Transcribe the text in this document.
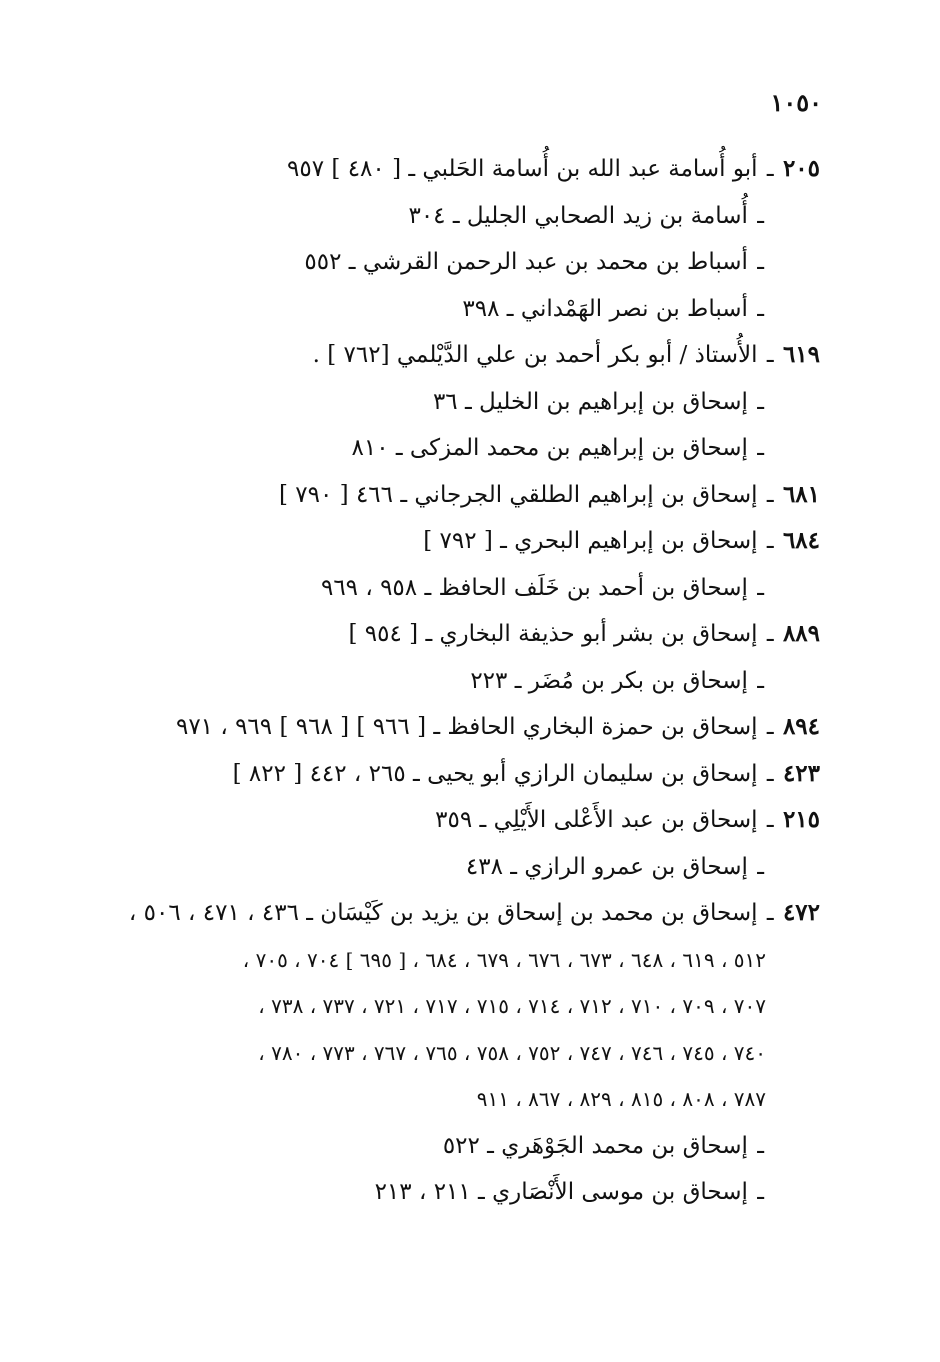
١٠٥٠
٢٠٥ ـ أبو أُسامة عبد الله بن أُسامة الحَلبي ـ [ ٤٨٠ ] ٩٥٧
ـ أُسامة بن زيد الصحابي الجليل ـ ٣٠٤
ـ أسباط بن محمد بن عبد الرحمن القرشي ـ ٥٥٢
ـ أسباط بن نصر الهَمْداني ـ ٣٩٨
٦١٩ ـ الأُستاذ / أبو بكر أحمد بن علي الدَّيْلمي [٧٦٢ ] .
ـ إسحاق بن إبراهيم بن الخليل ـ ٣٦
ـ إسحاق بن إبراهيم بن محمد المزكى ـ ٨١٠
٦٨١ ـ إسحاق بن إبراهيم الطلقي الجرجاني ـ ٤٦٦ [ ٧٩٠ ]
٦٨٤ ـ إسحاق بن إبراهيم البحري ـ [ ٧٩٢ ]
ـ إسحاق بن أحمد بن خَلَف الحافظ ـ ٩٥٨ ، ٩٦٩
٨٨٩ ـ إسحاق بن بشر أبو حذيفة البخاري ـ [ ٩٥٤ ]
ـ إسحاق بن بكر بن مُضَر ـ ٢٢٣
٨٩٤ ـ إسحاق بن حمزة البخاري الحافظ ـ [ ٩٦٦ ] [ ٩٦٨ ] ٩٦٩ ، ٩٧١
٤٢٣ ـ إسحاق بن سليمان الرازي أبو يحيى ـ ٢٦٥ ، ٤٤٢ [ ٨٢٢ ]
٢١٥ ـ إسحاق بن عبد الأَعْلى الأَيْلِي ـ ٣٥٩
ـ إسحاق بن عمرو الرازي ـ ٤٣٨
٤٧٢ ـ إسحاق بن محمد بن إسحاق بن يزيد بن كَيْسَان ـ ٤٣٦ ، ٤٧١ ، ٥٠٦ ،
٥١٢ ، ٦١٩ ، ٦٤٨ ، ٦٧٣ ، ٦٧٦ ، ٦٧٩ ، ٦٨٤ ، [ ٦٩٥ ] ٧٠٤ ، ٧٠٥ ،
٧٠٧ ، ٧٠٩ ، ٧١٠ ، ٧١٢ ، ٧١٤ ، ٧١٥ ، ٧١٧ ، ٧٢١ ، ٧٣٧ ، ٧٣٨ ،
٧٤٠ ، ٧٤٥ ، ٧٤٦ ، ٧٤٧ ، ٧٥٢ ، ٧٥٨ ، ٧٦٥ ، ٧٦٧ ، ٧٧٣ ، ٧٨٠ ،
٧٨٧ ، ٨٠٨ ، ٨١٥ ، ٨٢٩ ، ٨٦٧ ، ٩١١
ـ إسحاق بن محمد الجَوْهَري ـ ٥٢٢
ـ إسحاق بن موسى الأَنْصَاري ـ ٢١١ ، ٢١٣
